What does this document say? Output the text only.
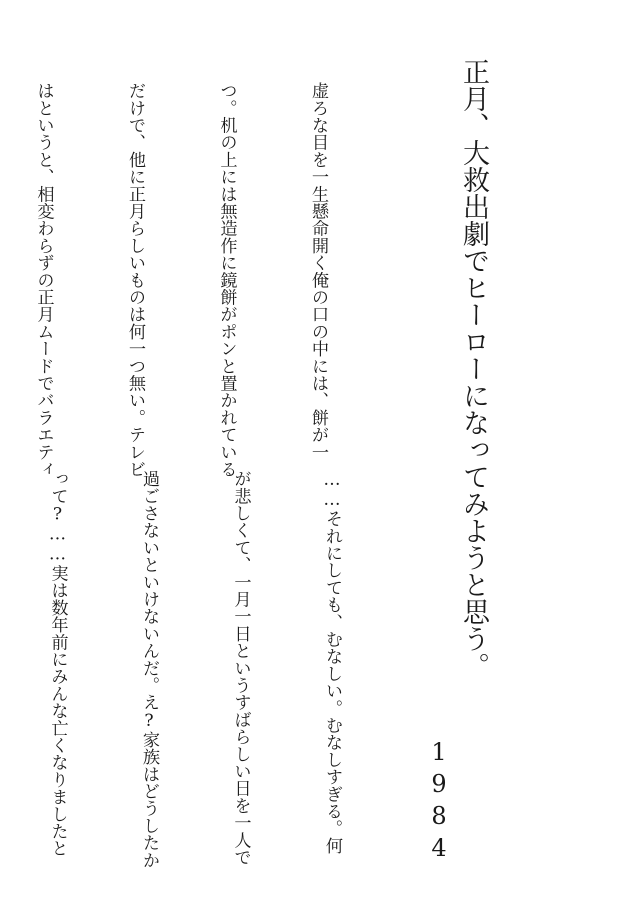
正月、大救出劇でヒーローになってみようと思う。
1984

虚ろな目を一生懸命開く俺の口の中には、餅が一

つ。机の上には無造作に鏡餅がポンと置かれている

だけで、他に正月らしいものは何一つ無い。テレビ

はというと、相変わらずの正月ムードでバラエティ

……それにしても、むなしい。むなしすぎる。何

が悲しくて、一月一日というすばらしい日を一人で

過ごさないといけないんだ。え?家族はどうしたか

って?……実は数年前にみんな亡くなりましたと
